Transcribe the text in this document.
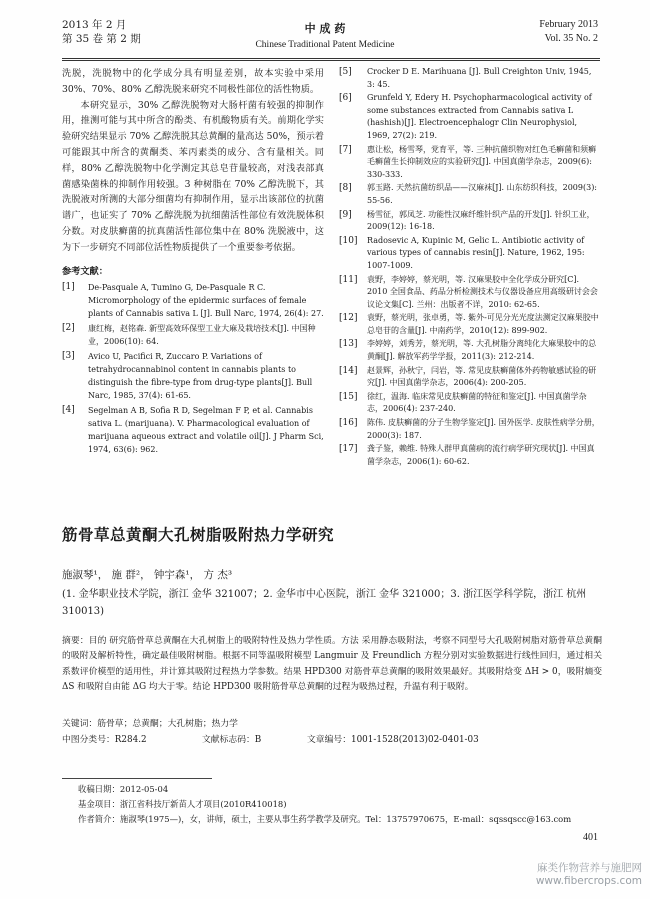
2013 年 2 月
第 35 卷 第 2 期
中 成 药
Chinese Traditional Patent Medicine
February 2013
Vol. 35 No. 2

洗脱，洗脱物中的化学成分具有明显差别，故本实验中采用 30%、70%、80% 乙醇洗脱来研究不同极性部位的活性物质。

本研究显示，30% 乙醇洗脱物对大肠杆菌有较强的抑制作用，推测可能与其中所含的酚类、有机酸物质有关。前期化学实验研究结果显示 70% 乙醇洗脱其总黄酮的量高达 50%，预示着可能跟其中所含的黄酮类、苯丙素类的成分、含有量相关。同样，80% 乙醇洗脱物中化学测定其总皂苷量较高，对浅表部真菌感染菌株的抑制作用较强。3 种树脂在 70% 乙醇洗脱下，其洗脱液对所测的大部分细菌均有抑制作用，显示出该部位的抗菌谱广，也证实了 70% 乙醇洗脱为抗细菌活性部位有效洗脱体积分数。对皮肤癣菌的抗真菌活性部位集中在 80% 洗脱液中，这为下一步研究不同部位活性物质提供了一个重要参考依据。

参考文献：

[1]	De-Pasquale A, Tumino G, De-Pasquale R C. Micromorphology of the epidermic surfaces of female plants of Cannabis sativa L [J]. Bull Narc, 1974, 26(4): 27.
[2]	康红梅，赵铭森. 新型高效环保型工业大麻及栽培技术[J]. 中国种业，2006(10): 64.
[3]	Avico U, Pacifici R, Zuccaro P. Variations of tetrahydrocannabinol content in cannabis plants to distinguish the fibre-type from drug-type plants[J]. Bull Narc, 1985, 37(4): 61-65.
[4]	Segelman A B, Sofia R D, Segelman F P, et al. Cannabis sativa L. (marijuana). V. Pharmacological evaluation of marijuana aqueous extract and volatile oil[J]. J Pharm Sci, 1974, 63(6): 962.
[5]	Crocker D E. Marihuana [J]. Bull Creighton Univ, 1945, 3: 45.
[6]	Grunfeld Y, Edery H. Psychopharmacological activity of some substances extracted from Cannabis sativa L (hashish)[J]. Electroencephalogr Clin Neurophysiol, 1969, 27(2): 219.
[7]	惠让松，杨雪琴，党育平，等. 三种抗菌织物对红色毛癣菌和须癣毛癣菌生长抑制效应的实验研究[J]. 中国真菌学杂志，2009(6): 330-333.
[8]	郭玉路. 天然抗菌纺织品——汉麻袜[J]. 山东纺织科技，2009(3): 55-56.
[9]	杨雪征，郭凤芝. 功能性汉麻纤维针织产品的开发[J]. 针织工业，2009(12): 16-18.
[10]	Radosevic A, Kupinic M, Gelic L. Antibiotic activity of various types of cannabis resin[J]. Nature, 1962, 195: 1007-1009.
[11]	袁野，李婷婷，蔡光明，等. 汉麻果胶中全化学成分研究[C]. 2010 全国食品、药品分析检测技术与仪器设备应用高级研讨会会议论文集[C]. 兰州：出版者不详，2010: 62-65.
[12]	袁野，蔡光明，张卓勇，等. 紫外-可见分光光度法测定汉麻果胶中总皂苷的含量[J]. 中南药学，2010(12): 899-902.
[13]	李婷婷，刘秀芳，蔡光明，等. 大孔树脂分离纯化大麻果胶中的总黄酮[J]. 解放军药学学报，2011(3): 212-214.
[14]	赵景辉，孙秋宁，闫岩，等. 常见皮肤癣菌体外药物敏感试验的研究[J]. 中国真菌学杂志，2006(4): 200-205.
[15]	徐红，温海. 临床常见皮肤癣菌的特征和鉴定[J]. 中国真菌学杂志，2006(4): 237-240.
[16]	陈伟. 皮肤癣菌的分子生物学鉴定[J]. 国外医学. 皮肤性病学分册，2000(3): 187.
[17]	龚子鉴，赖维. 特殊人群甲真菌病的流行病学研究现状[J]. 中国真菌学杂志，2006(1): 60-62.
筋骨草总黄酮大孔树脂吸附热力学研究
施淑琴¹， 施 群²， 钟宇森¹， 方 杰³
(1. 金华职业技术学院，浙江 金华 321007；2. 金华市中心医院，浙江 金华 321000；3. 浙江医学科学院，浙江 杭州 310013)
摘要：目的 研究筋骨草总黄酮在大孔树脂上的吸附特性及热力学性质。方法 采用静态吸附法，考察不同型号大孔吸附树脂对筋骨草总黄酮的吸附及解析特性，确定最佳吸附树脂。根据不同等温吸附模型 Langmuir 及 Freundlich 方程分别对实验数据进行线性回归，通过相关系数评价模型的适用性，并计算其吸附过程热力学参数。结果 HPD300 对筋骨草总黄酮的吸附效果最好。其吸附焓变 ΔH > 0，吸附熵变 ΔS 和吸附自由能 ΔG 均大于零。结论 HPD300 吸附筋骨草总黄酮的过程为吸热过程，升温有利于吸附。
关键词：筋骨草；总黄酮；大孔树脂；热力学
中图分类号：R284.2	文献标志码：B	文章编号：1001-1528(2013)02-0401-03
收稿日期：2012-05-04
基金项目：浙江省科技厅新苗人才项目(2010R410018)
作者简介：施淑琴(1975—)，女，讲师，硕士，主要从事生药学教学及研究。Tel：13757970675，E-mail：sqssqscc@163.com
401
麻类作物营养与施肥网
www.fibercrops.com
